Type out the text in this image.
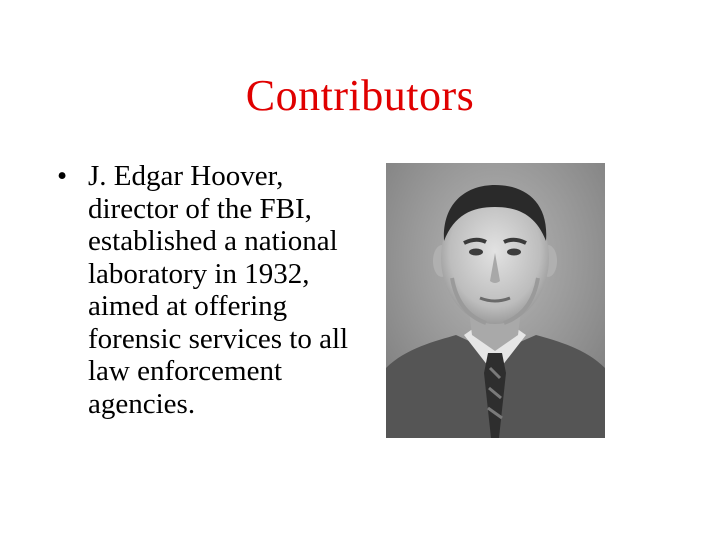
Contributors
• J. Edgar Hoover,
director of the FBI,
established a national
laboratory in 1932,
aimed at offering
forensic services to all
law enforcement
agencies.
